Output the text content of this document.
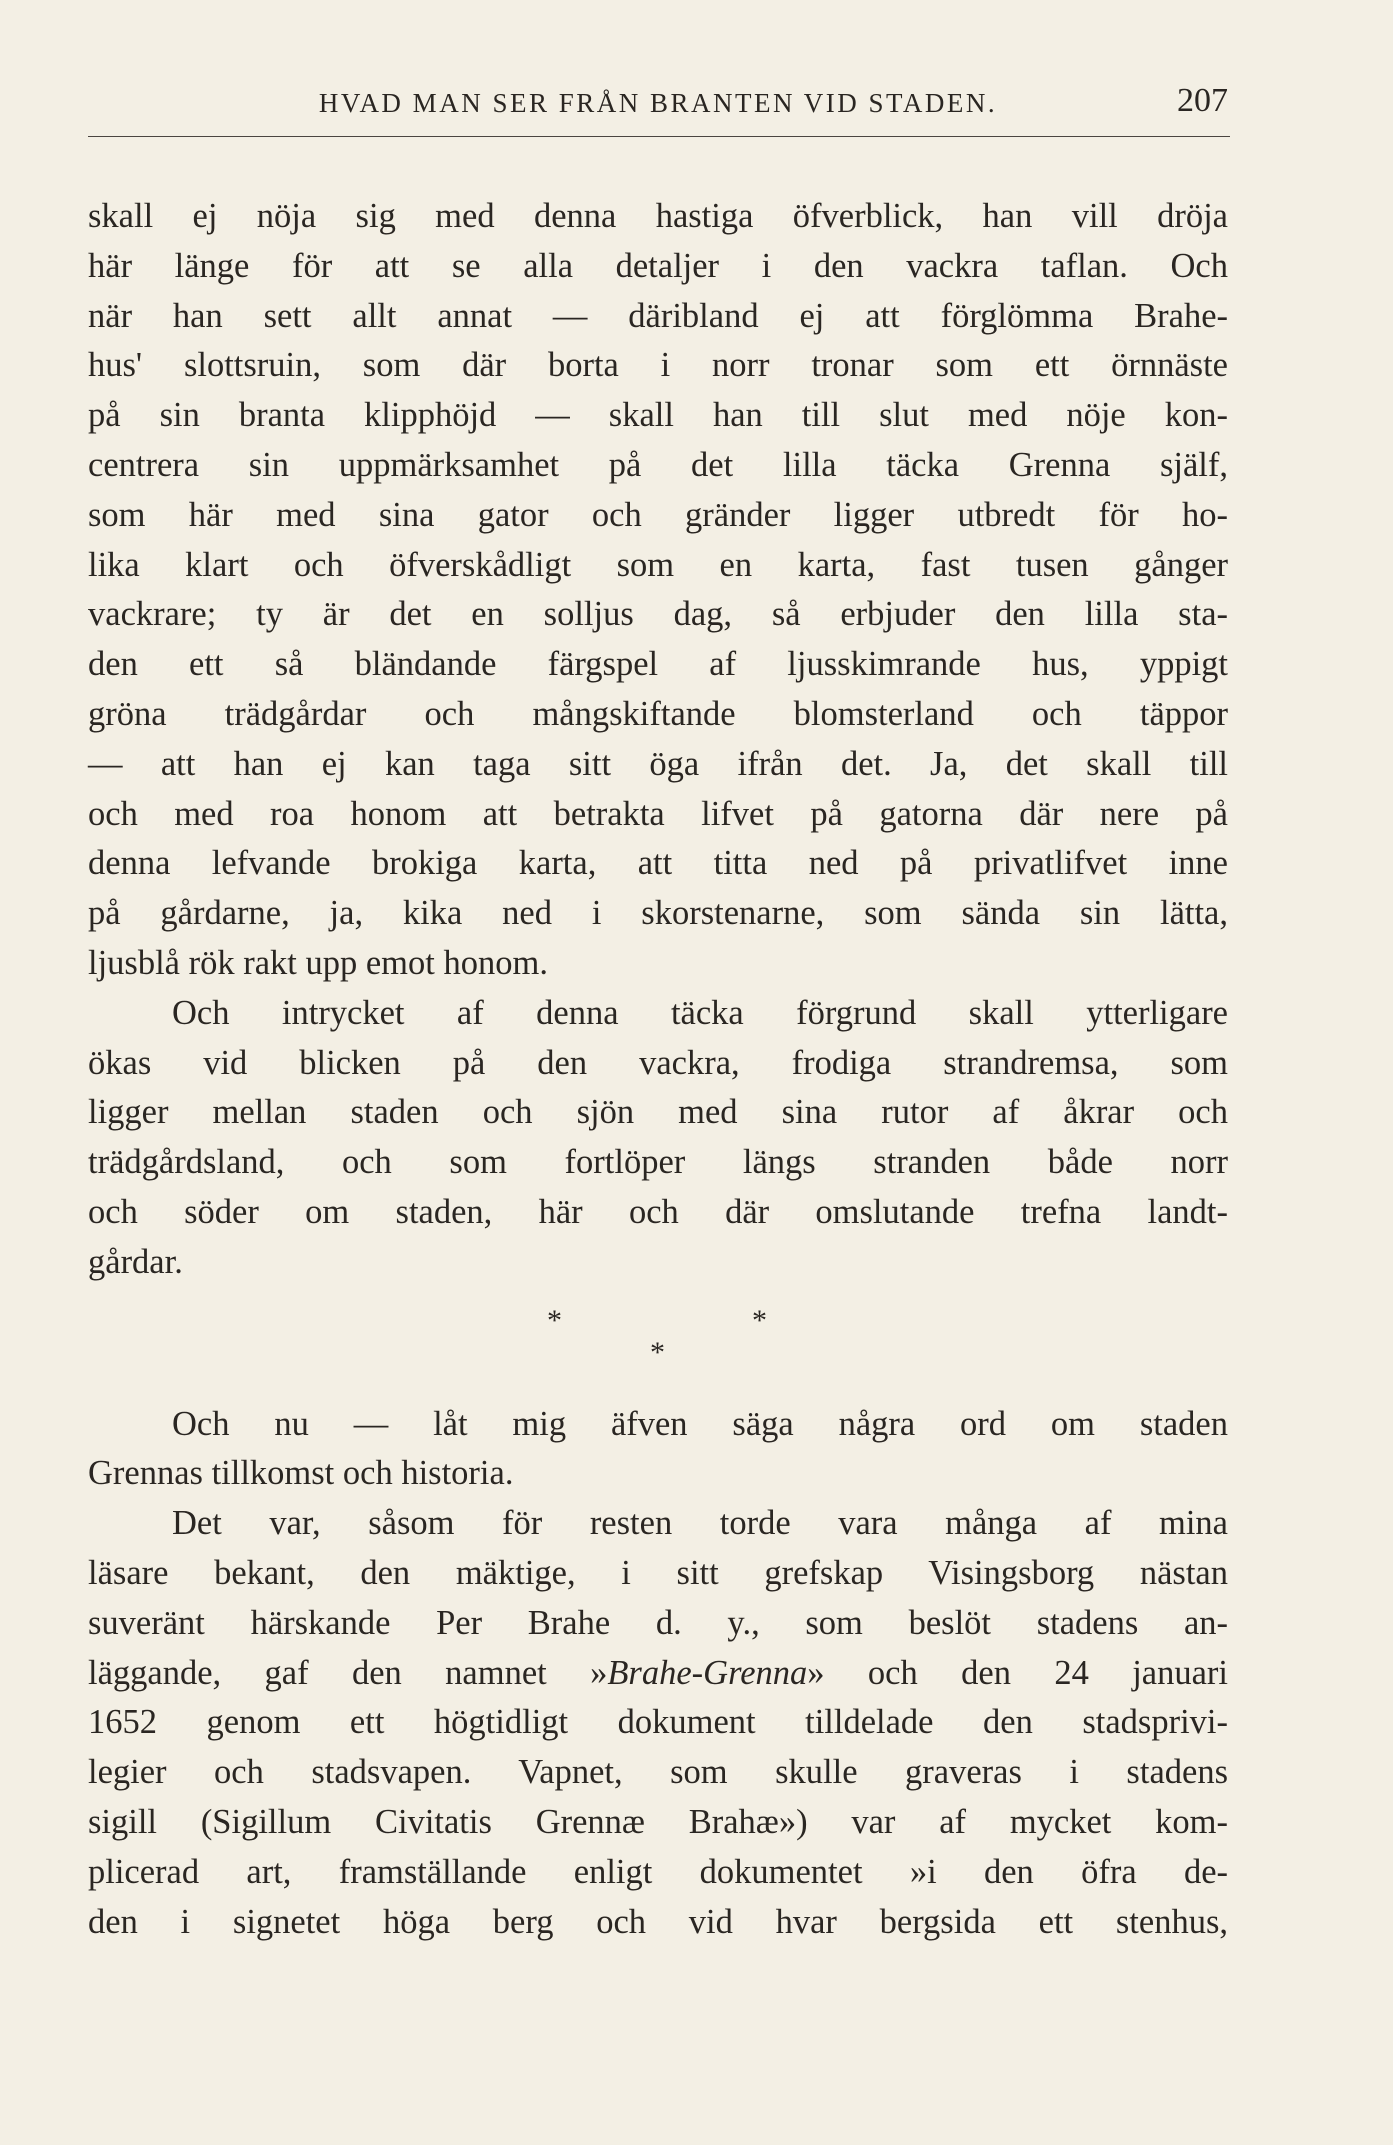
HVAD MAN SER FRÅN BRANTEN VID STADEN.	207
skall ej nöja sig med denna hastiga öfverblick, han vill dröja
här länge för att se alla detaljer i den vackra taflan. Och
när han sett allt annat — däribland ej att förglömma Brahe-
hus' slottsruin, som där borta i norr tronar som ett örnnäste
på sin branta klipphöjd — skall han till slut med nöje kon-
centrera sin uppmärksamhet på det lilla täcka Grenna själf,
som här med sina gator och gränder ligger utbredt för ho-
lika klart och öfverskådligt som en karta, fast tusen gånger
vackrare; ty är det en solljus dag, så erbjuder den lilla sta-
den ett så bländande färgspel af ljusskimrande hus, yppigt
gröna trädgårdar och mångskiftande blomsterland och täppor
— att han ej kan taga sitt öga ifrån det. Ja, det skall till
och med roa honom att betrakta lifvet på gatorna där nere på
denna lefvande brokiga karta, att titta ned på privatlifvet inne
på gårdarne, ja, kika ned i skorstenarne, som sända sin lätta,
ljusblå rök rakt upp emot honom.
Och intrycket af denna täcka förgrund skall ytterligare
ökas vid blicken på den vackra, frodiga strandremsa, som
ligger mellan staden och sjön med sina rutor af åkrar och
trädgårdsland, och som fortlöper längs stranden både norr
och söder om staden, här och där omslutande trefna landt-
gårdar.
*	*
*
Och nu — låt mig äfven säga några ord om staden
Grennas tillkomst och historia.
Det var, såsom för resten torde vara många af mina
läsare bekant, den mäktige, i sitt grefskap Visingsborg nästan
suveränt härskande Per Brahe d. y., som beslöt stadens an-
läggande, gaf den namnet »Brahe-Grenna» och den 24 januari
1652 genom ett högtidligt dokument tilldelade den stadsprivi-
legier och stadsvapen. Vapnet, som skulle graveras i stadens
sigill (Sigillum Civitatis Grennæ Brahæ») var af mycket kom-
plicerad art, framställande enligt dokumentet »i den öfra de-
den i signetet höga berg och vid hvar bergsida ett stenhus,
